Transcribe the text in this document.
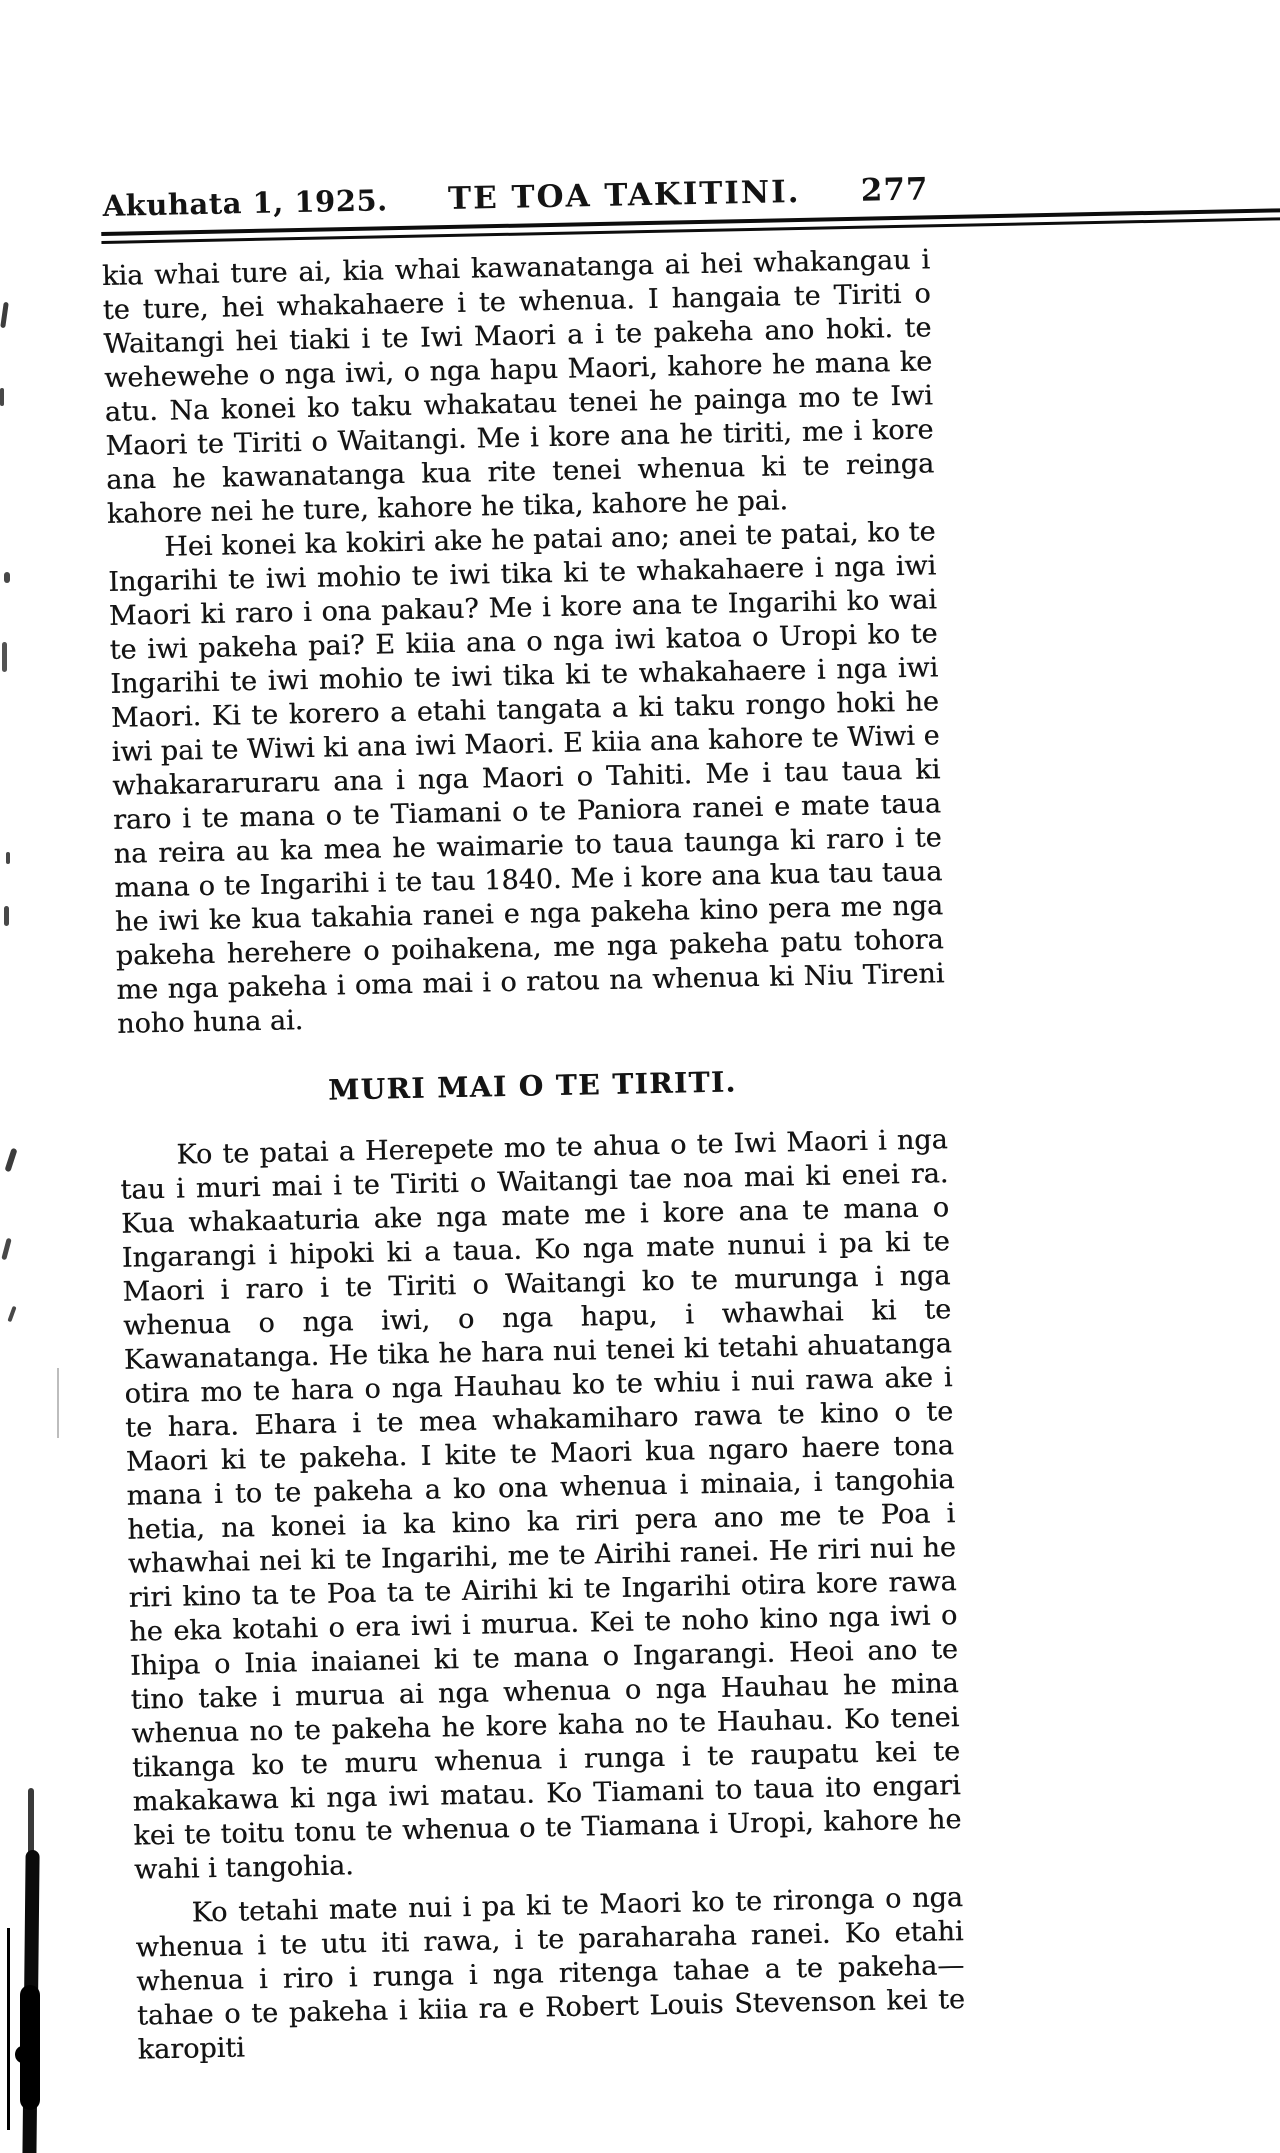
Akuhata 1, 1925. TE TOA TAKITINI. 277

kia whai ture ai, kia whai kawanatanga ai hei whakangau i te ture, hei whakahaere i te whenua. I hangaia te Tiriti o Waitangi hei tiaki i te Iwi Maori a i te pakeha ano hoki. te wehewehe o nga iwi, o nga hapu Maori, kahore he mana ke atu. Na konei ko taku whakatau tenei he painga mo te Iwi Maori te Tiriti o Waitangi. Me i kore ana he tiriti, me i kore ana he kawanatanga kua rite tenei whenua ki te reinga kahore nei he ture, kahore he tika, kahore he pai.

Hei konei ka kokiri ake he patai ano; anei te patai, ko te Ingarihi te iwi mohio te iwi tika ki te whakahaere i nga iwi Maori ki raro i ona pakau? Me i kore ana te Ingarihi ko wai te iwi pakeha pai? E kiia ana o nga iwi katoa o Uropi ko te Ingarihi te iwi mohio te iwi tika ki te whakahaere i nga iwi Maori. Ki te korero a etahi tangata a ki taku rongo hoki he iwi pai te Wiwi ki ana iwi Maori. E kiia ana kahore te Wiwi e whakararuraru ana i nga Maori o Tahiti. Me i tau taua ki raro i te mana o te Tiamani o te Paniora ranei e mate taua na reira au ka mea he waimarie to taua taunga ki raro i te mana o te Ingarihi i te tau 1840. Me i kore ana kua tau taua he iwi ke kua takahia ranei e nga pakeha kino pera me nga pakeha herehere o poihakena, me nga pakeha patu tohora me nga pakeha i oma mai i o ratou na whenua ki Niu Tireni noho huna ai.

MURI MAI O TE TIRITI.

Ko te patai a Herepete mo te ahua o te Iwi Maori i nga tau i muri mai i te Tiriti o Waitangi tae noa mai ki enei ra. Kua whakaaturia ake nga mate me i kore ana te mana o Ingarangi i hipoki ki a taua. Ko nga mate nunui i pa ki te Maori i raro i te Tiriti o Waitangi ko te murunga i nga whenua o nga iwi, o nga hapu, i whawhai ki te Kawanatanga. He tika he hara nui tenei ki tetahi ahuatanga otira mo te hara o nga Hauhau ko te whiu i nui rawa ake i te hara. Ehara i te mea whakamiharo rawa te kino o te Maori ki te pakeha. I kite te Maori kua ngaro haere tona mana i to te pakeha a ko ona whenua i minaia, i tangohia hetia, na konei ia ka kino ka riri pera ano me te Poa i whawhai nei ki te Ingarihi, me te Airihi ranei. He riri nui he riri kino ta te Poa ta te Airihi ki te Ingarihi otira kore rawa he eka kotahi o era iwi i murua. Kei te noho kino nga iwi o Ihipa o Inia inaianei ki te mana o Ingarangi. Heoi ano te tino take i murua ai nga whenua o nga Hauhau he mina whenua no te pakeha he kore kaha no te Hauhau. Ko tenei tikanga ko te muru whenua i runga i te raupatu kei te makakawa ki nga iwi matau. Ko Tiamani to taua ito engari kei te toitu tonu te whenua o te Tiamana i Uropi, kahore he wahi i tangohia.

Ko tetahi mate nui i pa ki te Maori ko te rironga o nga whenua i te utu iti rawa, i te paraharaha ranei. Ko etahi whenua i riro i runga i nga ritenga tahae a te pakeha—tahae o te pakeha i kiia ra e Robert Louis Stevenson kei te karopiti
